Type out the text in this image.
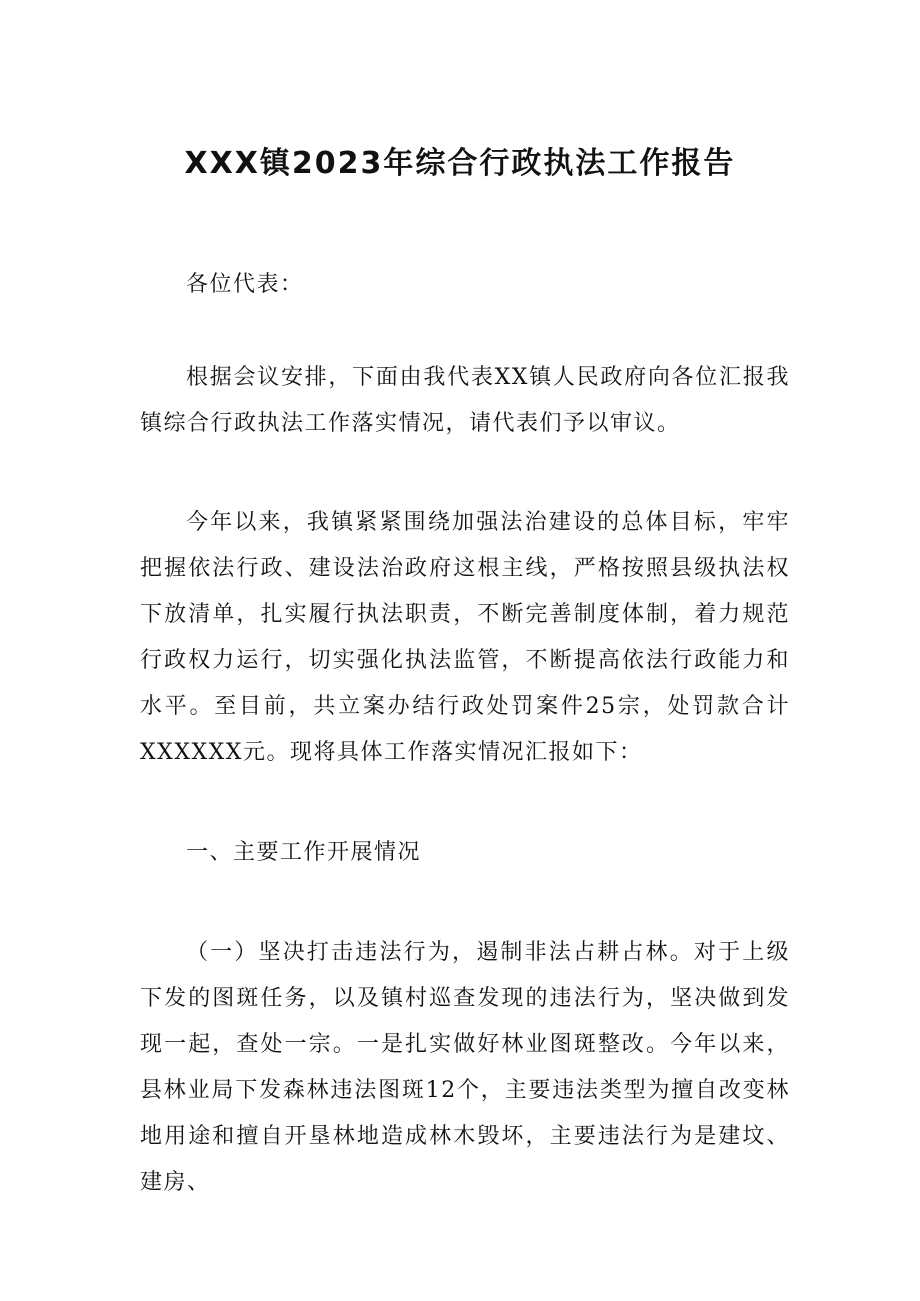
XXX镇2023年综合行政执法工作报告
各位代表：
根据会议安排，下面由我代表XX镇人民政府向各位汇报我镇综合行政执法工作落实情况，请代表们予以审议。
今年以来，我镇紧紧围绕加强法治建设的总体目标，牢牢把握依法行政、建设法治政府这根主线，严格按照县级执法权下放清单，扎实履行执法职责，不断完善制度体制，着力规范行政权力运行，切实强化执法监管，不断提高依法行政能力和水平。至目前，共立案办结行政处罚案件25宗，处罚款合计XXXXXX元。现将具体工作落实情况汇报如下：
一、主要工作开展情况
（一）坚决打击违法行为，遏制非法占耕占林。对于上级下发的图斑任务，以及镇村巡查发现的违法行为，坚决做到发现一起，查处一宗。一是扎实做好林业图斑整改。今年以来，县林业局下发森林违法图斑12个，主要违法类型为擅自改变林地用途和擅自开垦林地造成林木毁坏，主要违法行为是建坟、建房、
